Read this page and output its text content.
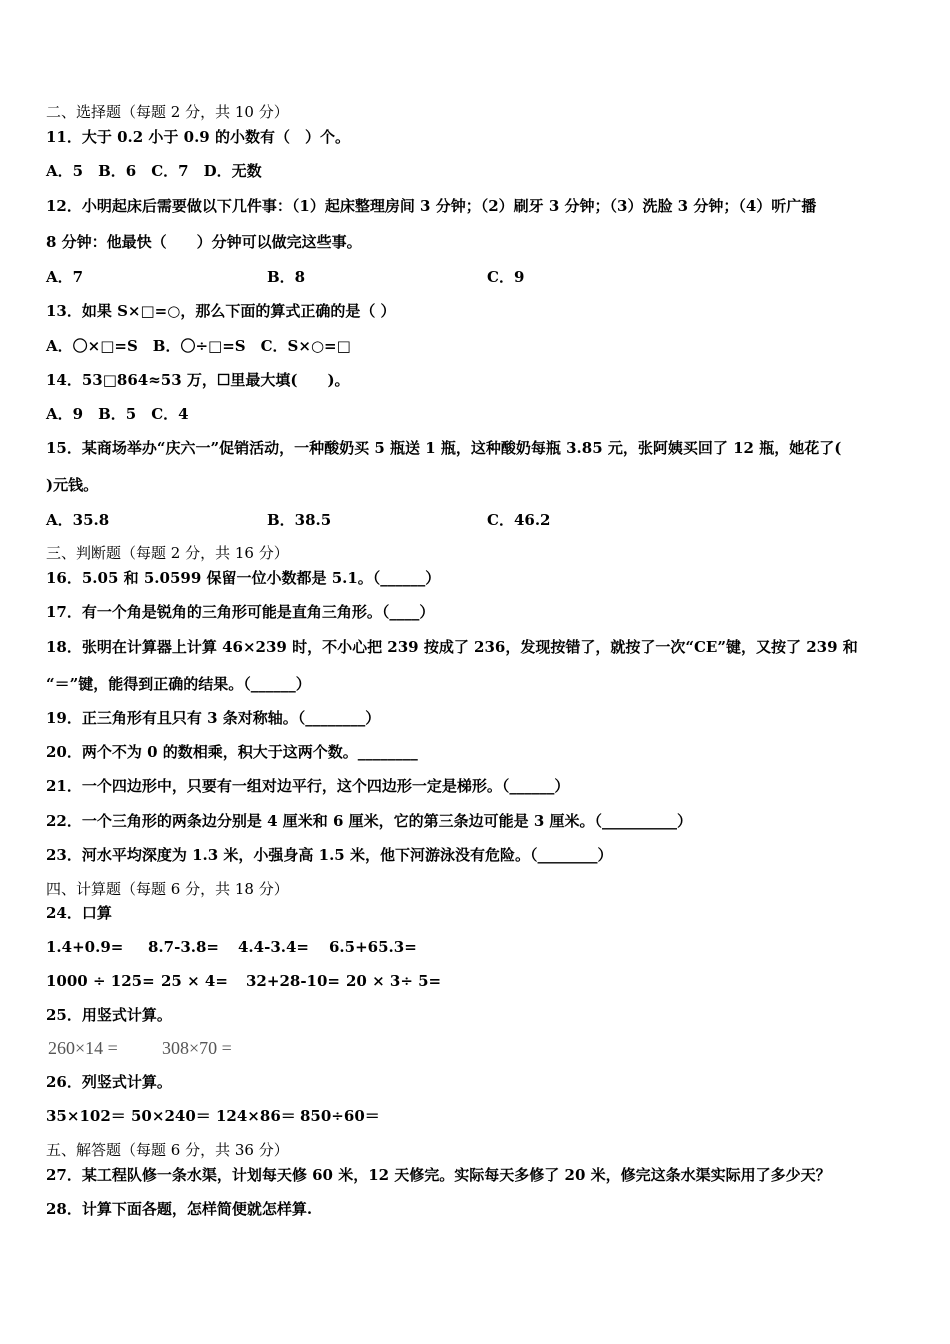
二、选择题（每题 2 分，共 10 分）
11．大于 0.2 小于 0.9 的小数有（　）个。
A．5　B．6　C．7　D．无数
12．小明起床后需要做以下几件事：（1）起床整理房间 3 分钟；（2）刷牙 3 分钟；（3）洗脸 3 分钟；（4）听广播
8 分钟：他最快（　　）分钟可以做完这些事。
A．7	B．8	C．9
13．如果 S×□=○，那么下面的算式正确的是（ ）
A．〇×□=S　B．〇÷□=S　C．S×○=□
14．53□864≈53 万，☐里最大填(　　)。
A．9　B．5　C．4
15．某商场举办“庆六一”促销活动，一种酸奶买 5 瓶送 1 瓶，这种酸奶每瓶 3.85 元，张阿姨买回了 12 瓶，她花了(
)元钱。
A．35.8	B．38.5	C．46.2
三、判断题（每题 2 分，共 16 分）
16．5.05 和 5.0599 保留一位小数都是 5.1。（______）
17．有一个角是锐角的三角形可能是直角三角形。（____）
18．张明在计算器上计算 46×239 时，不小心把 239 按成了 236，发现按错了，就按了一次“CE”键，又按了 239 和
“＝”键，能得到正确的结果。（______）
19．正三角形有且只有 3 条对称轴。（________）
20．两个不为 0 的数相乘，积大于这两个数。________
21．一个四边形中，只要有一组对边平行，这个四边形一定是梯形。（______）
22．一个三角形的两条边分别是 4 厘米和 6 厘米，它的第三条边可能是 3 厘米。（__________）
23．河水平均深度为 1.3 米，小强身高 1.5 米，他下河游泳没有危险。（________）
四、计算题（每题 6 分，共 18 分）
24．口算
1.4+0.9= 8.7-3.8= 4.4-3.4= 6.5+65.3=
1000 ÷ 125= 25 × 4= 32+28-10= 20 × 3÷ 5=
25．用竖式计算。
260×14 = 308×70 =
26．列竖式计算。
35×102＝ 50×240＝ 124×86＝ 850÷60＝
五、解答题（每题 6 分，共 36 分）
27．某工程队修一条水渠，计划每天修 60 米，12 天修完。实际每天多修了 20 米，修完这条水渠实际用了多少天？
28．计算下面各题，怎样简便就怎样算.
